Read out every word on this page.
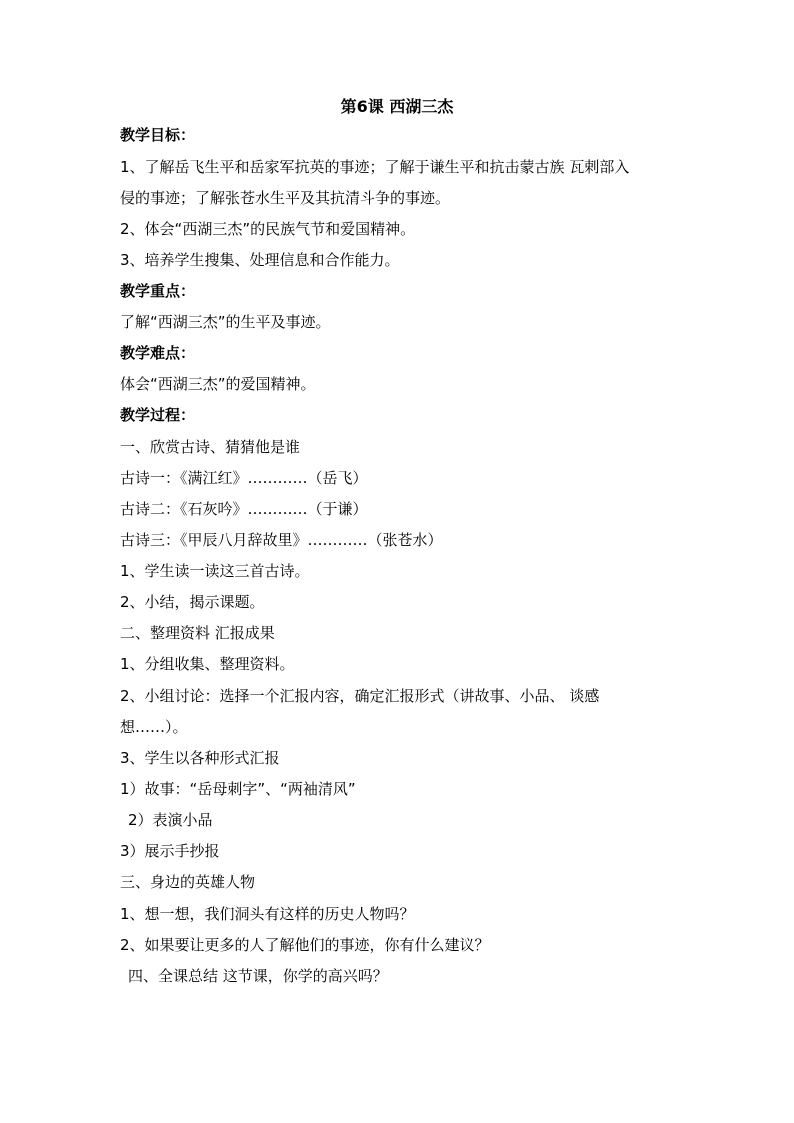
第6课 西湖三杰
教学目标：
1、了解岳飞生平和岳家军抗英的事迹；了解于谦生平和抗击蒙古族 瓦剌部入
侵的事迹；了解张苍水生平及其抗清斗争的事迹。
2、体会“西湖三杰”的民族气节和爱国精神。
3、培养学生搜集、处理信息和合作能力。
教学重点：
了解“西湖三杰”的生平及事迹。
教学难点：
体会“西湖三杰”的爱国精神。
教学过程：
一、欣赏古诗、猜猜他是谁
古诗一：《满江红》…………（岳飞）
古诗二：《石灰吟》…………（于谦）
古诗三：《甲辰八月辞故里》…………（张苍水）
1、学生读一读这三首古诗。
2、小结，揭示课题。
二、整理资料 汇报成果
1、分组收集、整理资料。
2、小组讨论：选择一个汇报内容，确定汇报形式（讲故事、小品、 谈感
想……）。
3、学生以各种形式汇报
1）故事：“岳母刺字”、“两袖清风”
2）表演小品
3）展示手抄报
三、身边的英雄人物
1、想一想，我们洞头有这样的历史人物吗？
2、如果要让更多的人了解他们的事迹，你有什么建议？
四、全课总结 这节课，你学的高兴吗？
